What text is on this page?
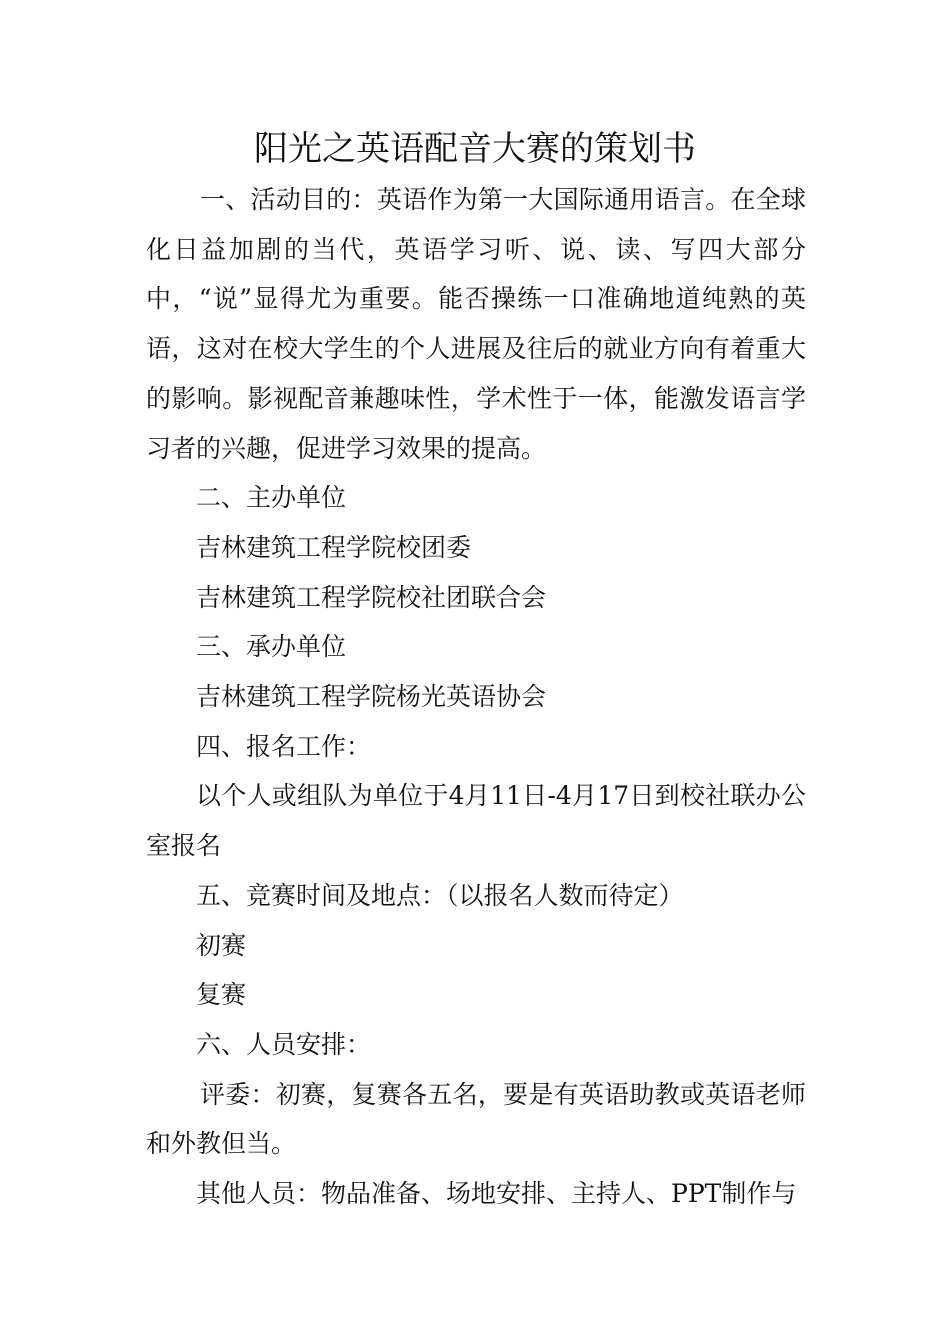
阳光之英语配音大赛的策划书

一、活动目的：英语作为第一大国际通用语言。在全球化日益加剧的当代，英语学习听、说、读、写四大部分中，“说”显得尤为重要。能否操练一口准确地道纯熟的英语，这对在校大学生的个人进展及往后的就业方向有着重大的影响。影视配音兼趣味性，学术性于一体，能激发语言学习者的兴趣，促进学习效果的提高。

二、主办单位

吉林建筑工程学院校团委

吉林建筑工程学院校社团联合会

三、承办单位

吉林建筑工程学院杨光英语协会

四、报名工作：

以个人或组队为单位于4月11日-4月17日到校社联办公室报名

五、竞赛时间及地点：（以报名人数而待定）

初赛

复赛

六、人员安排：

评委：初赛，复赛各五名，要是有英语助教或英语老师和外教但当。

其他人员：物品准备、场地安排、主持人、PPT制作与
